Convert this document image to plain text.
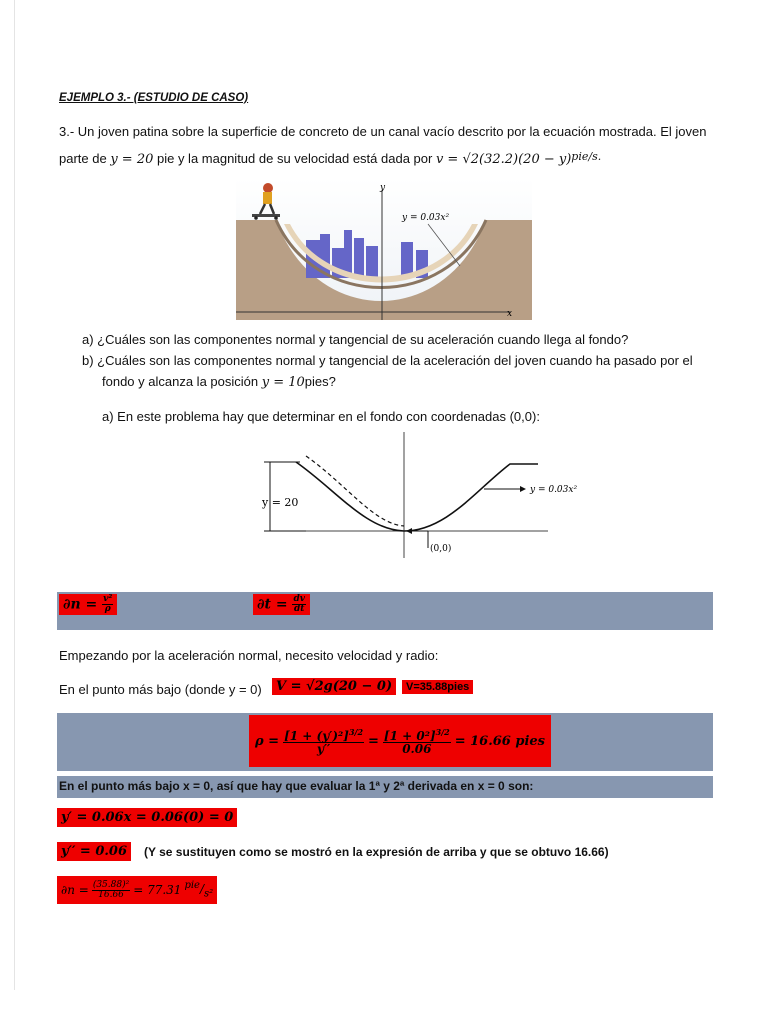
EJEMPLO 3.- (ESTUDIO DE CASO)
3.- Un joven patina sobre la superficie de concreto de un canal vacío descrito por la ecuación mostrada. El joven
parte de y = 20 pie y la magnitud de su velocidad está dada por $v = √2(32.2)(20 - y)^{pie/s.}$
y
x
y = 0.03x²
a) ¿Cuáles son las componentes normal y tangencial de su aceleración cuando llega al fondo?
b) ¿Cuáles son las componentes normal y tangencial de la aceleración del joven cuando ha pasado por el
fondo y alcanza la posición y = 10pies?
a) En este problema hay que determinar en el fondo con coordenadas (0,0):
y = 20
y = 0.03x²
(0,0)
$\partial n = \frac{\text{v²}}{\rho}$	$\partial t = \frac{dv}{dt}$
Empezando por la aceleración normal, necesito velocidad y radio:
En el punto más bajo (donde y = 0)	V = √2g(20 − 0)	V=35.88pies
$\rho = \frac{[1 + (y')^2]^{3/2}}{y''} = \frac{[1 + 0^2]^{3/2}}{0.06} = 16.66$ pies
En el punto más bajo x = 0, así que hay que evaluar la 1ª y 2ª derivada en x = 0 son:
y′ = 0.06x = 0.06(0) = 0
y′′ = 0.06	(Y se sustituyen como se mostró en la expresión de arriba y que se obtuvo 16.66)
$\partial n = \frac{\text{(35.88)²}}{16.66} = 77.31$ $^{pie}/_{s^2}$
